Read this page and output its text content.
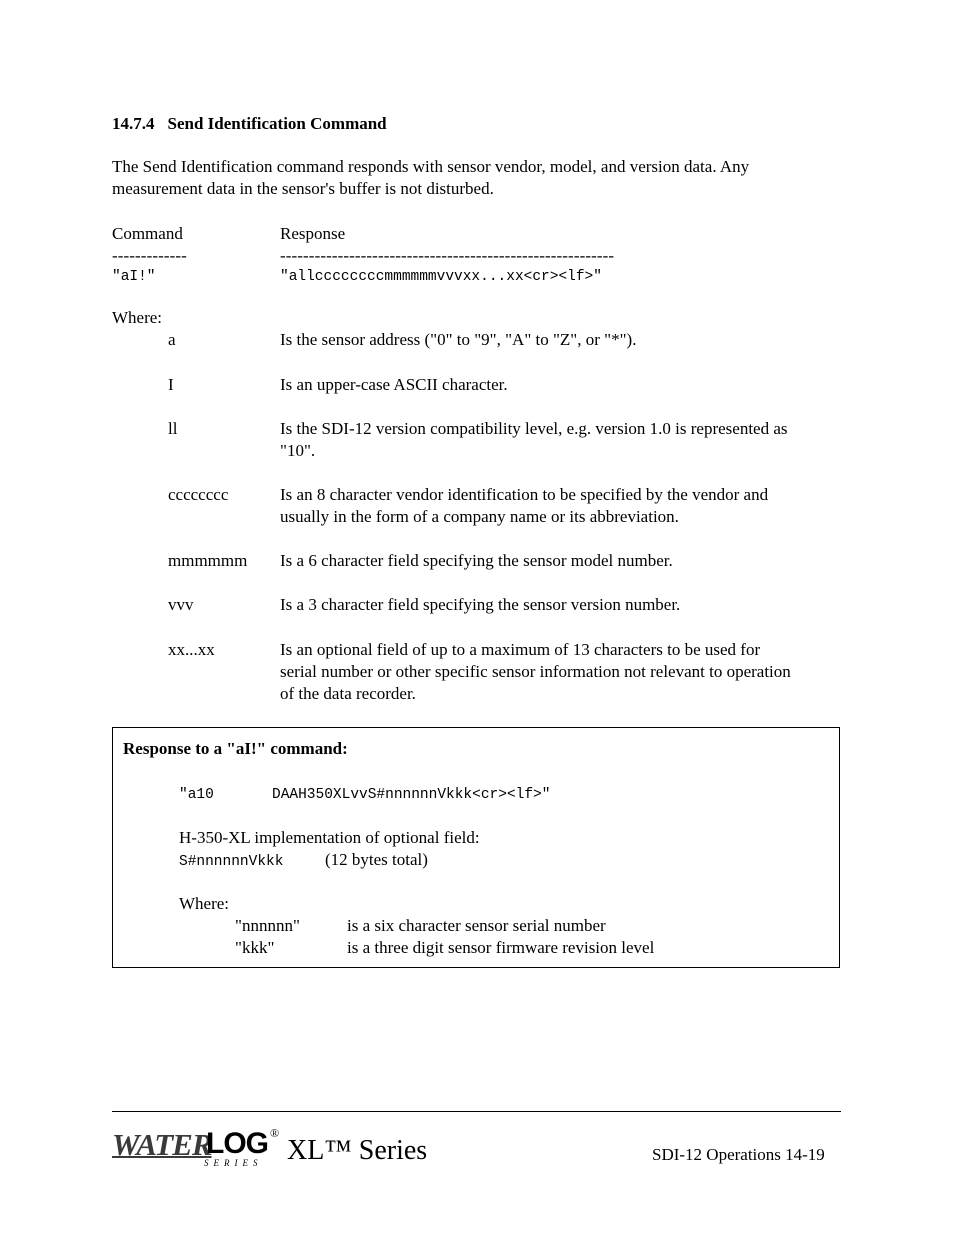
14.7.4 Send Identification Command
The Send Identification command responds with sensor vendor, model, and version data. Any
measurement data in the sensor's buffer is not disturbed.
Command	Response
-------------	----------------------------------------------------------
"aI!"	"allccccccccmmmmmmvvvxx...xx<cr><lf>"
Where:
a	Is the sensor address ("0" to "9", "A" to "Z", or "*").
I	Is an upper-case ASCII character.
ll	Is the SDI-12 version compatibility level, e.g. version 1.0 is represented as
"10".
cccccccc	Is an 8 character vendor identification to be specified by the vendor and
usually in the form of a company name or its abbreviation.
mmmmmm Is a 6 character field specifying the sensor model number.
vvv	Is a 3 character field specifying the sensor version number.
xx...xx	Is an optional field of up to a maximum of 13 characters to be used for
serial number or other specific sensor information not relevant to operation
of the data recorder.
Response to a "aI!" command:
"a10	DAAH350XLvvS#nnnnnnVkkk<cr><lf>"
H-350-XL implementation of optional field:
S#nnnnnnVkkk (12 bytes total)
Where:
"nnnnnn"	is a six character sensor serial number
"kkk"	is a three digit sensor firmware revision level
WATER
LOG ®
SERIES XL™ Series	SDI-12 Operations 14-19
